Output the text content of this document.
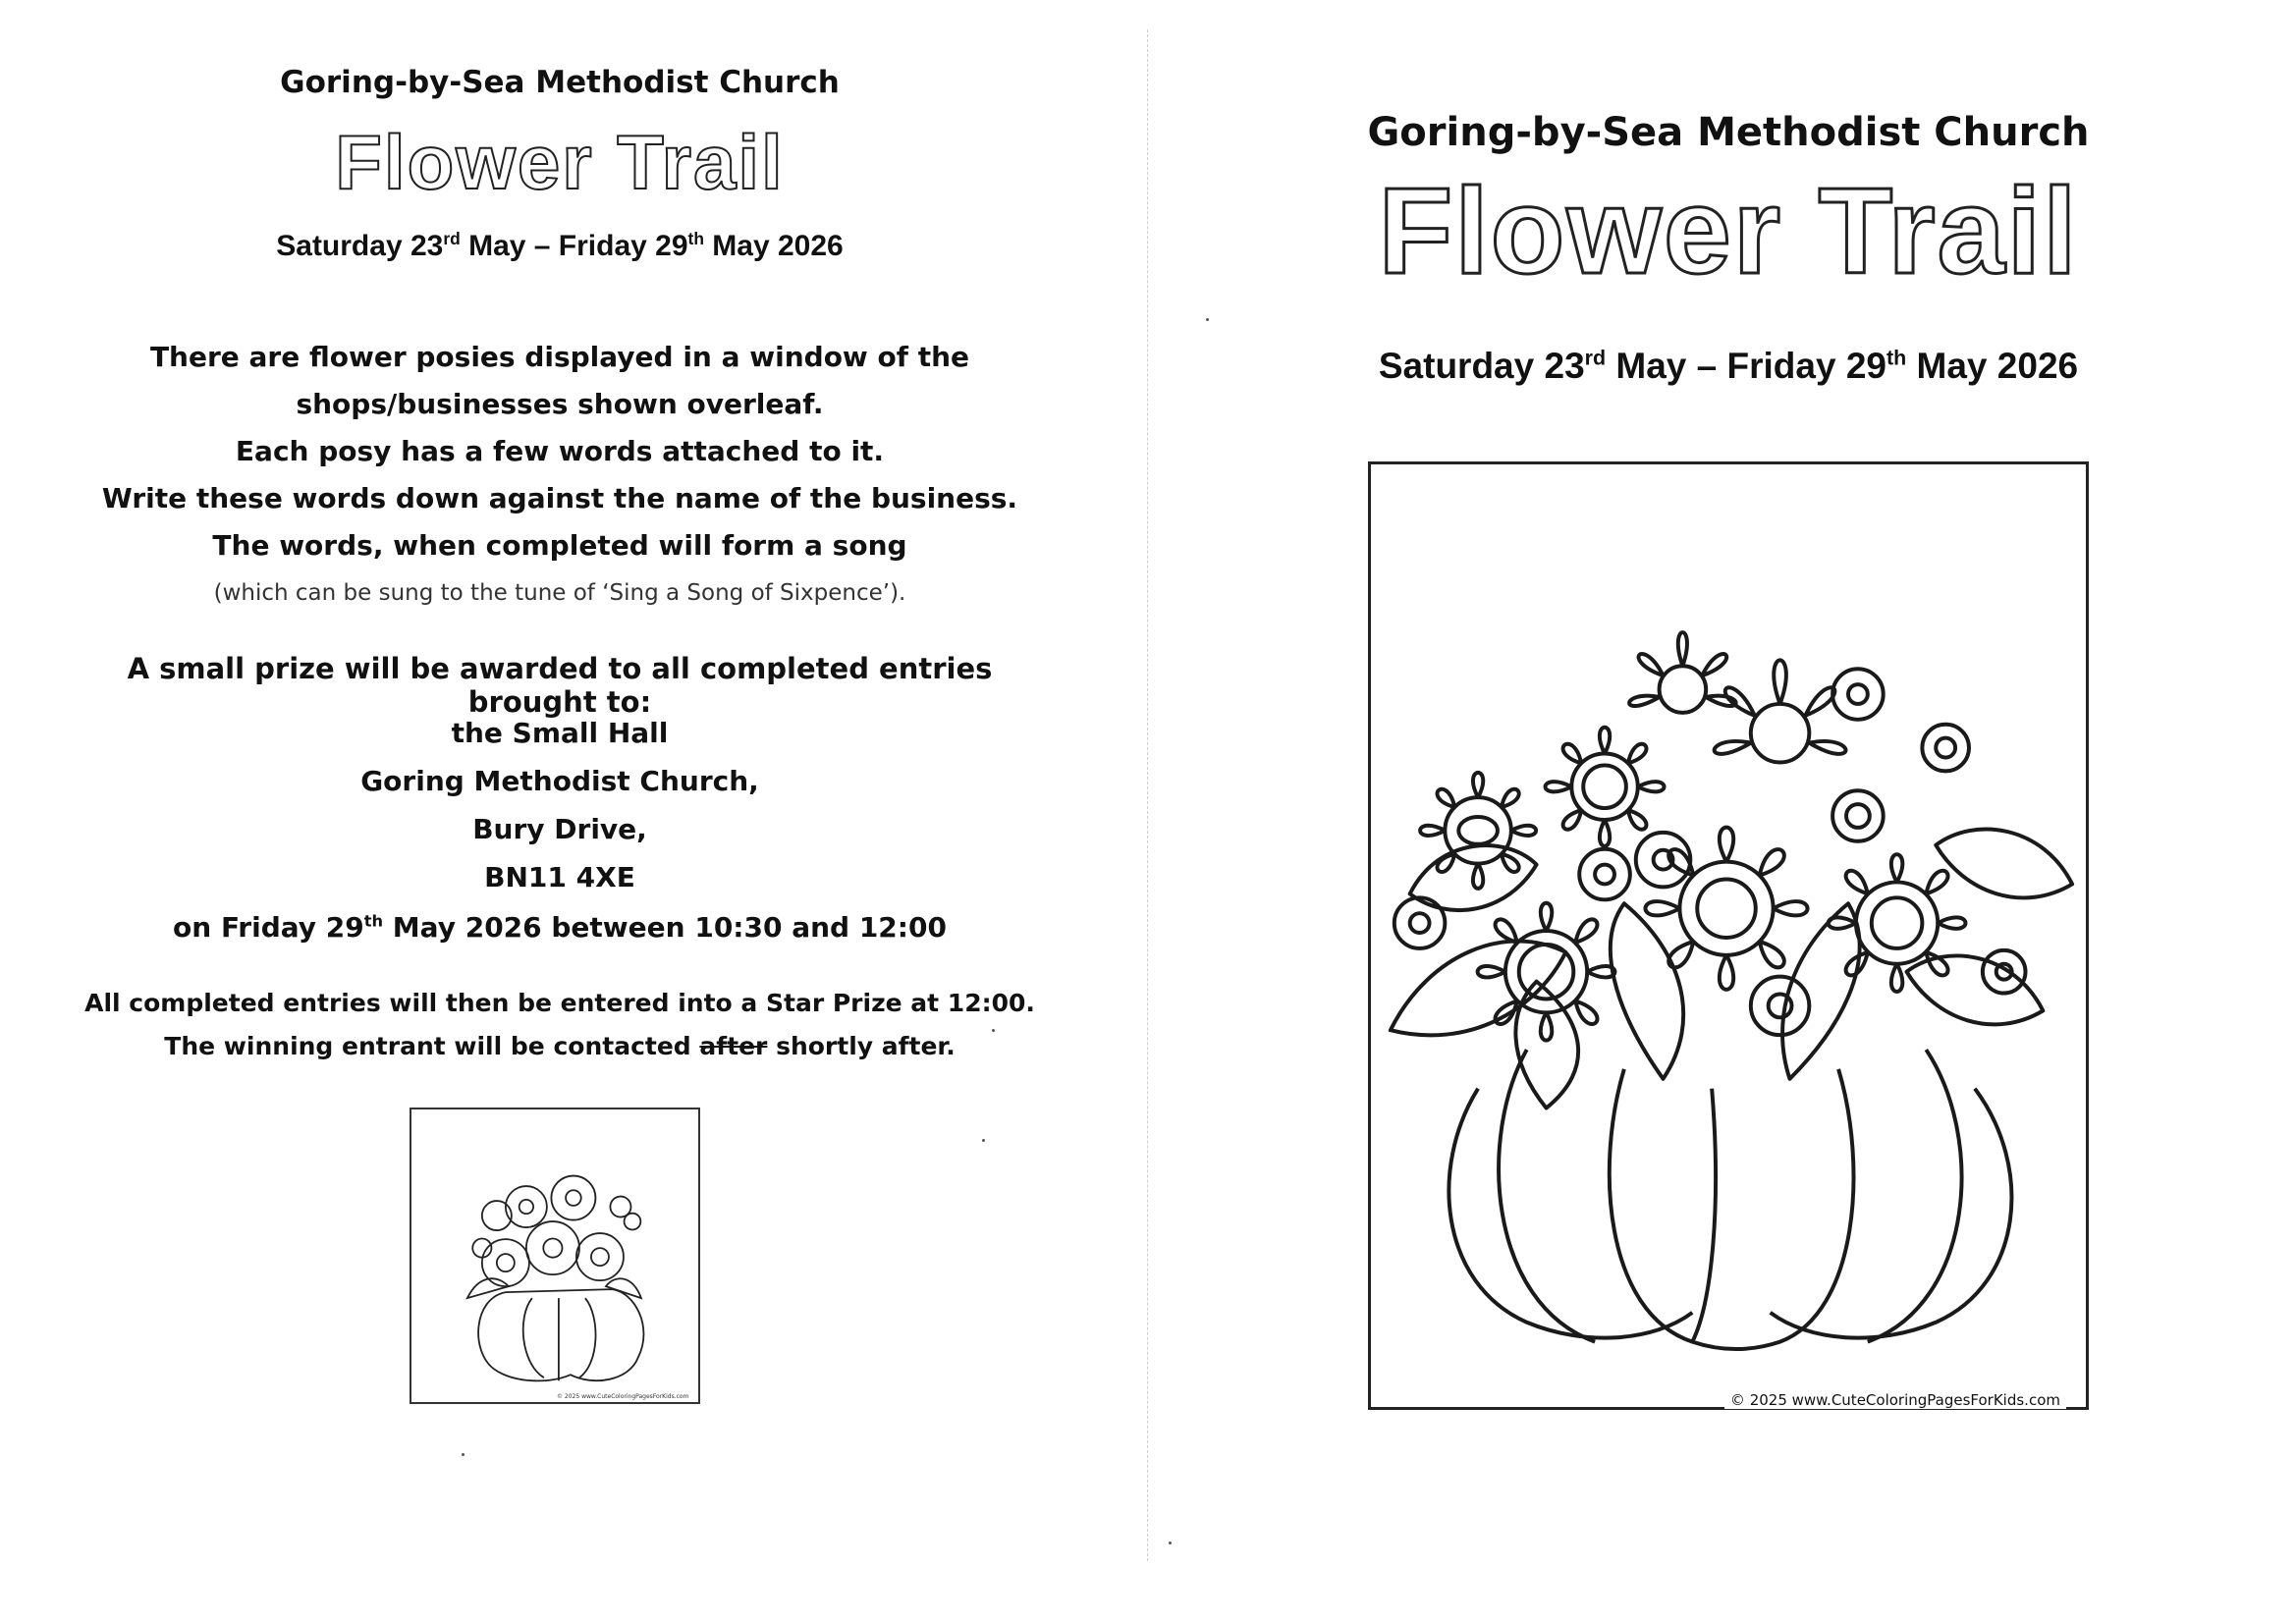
Goring-by-Sea Methodist Church
Flower Trail
Saturday 23rd May – Friday 29th May 2026
There are flower posies displayed in a window of the
shops/businesses shown overleaf.
Each posy has a few words attached to it.
Write these words down against the name of the business.
The words, when completed will form a song
(which can be sung to the tune of ‘Sing a Song of Sixpence’).
A small prize will be awarded to all completed entries brought to:
the Small Hall
Goring Methodist Church,
Bury Drive,
BN11 4XE
on Friday 29th May 2026 between 10:30 and 12:00
All completed entries will then be entered into a Star Prize at 12:00.
The winning entrant will be contacted after shortly after.
© 2025 www.CuteColoringPagesForKids.com
Goring-by-Sea Methodist Church
Flower Trail
Saturday 23rd May – Friday 29th May 2026
© 2025 www.CuteColoringPagesForKids.com
